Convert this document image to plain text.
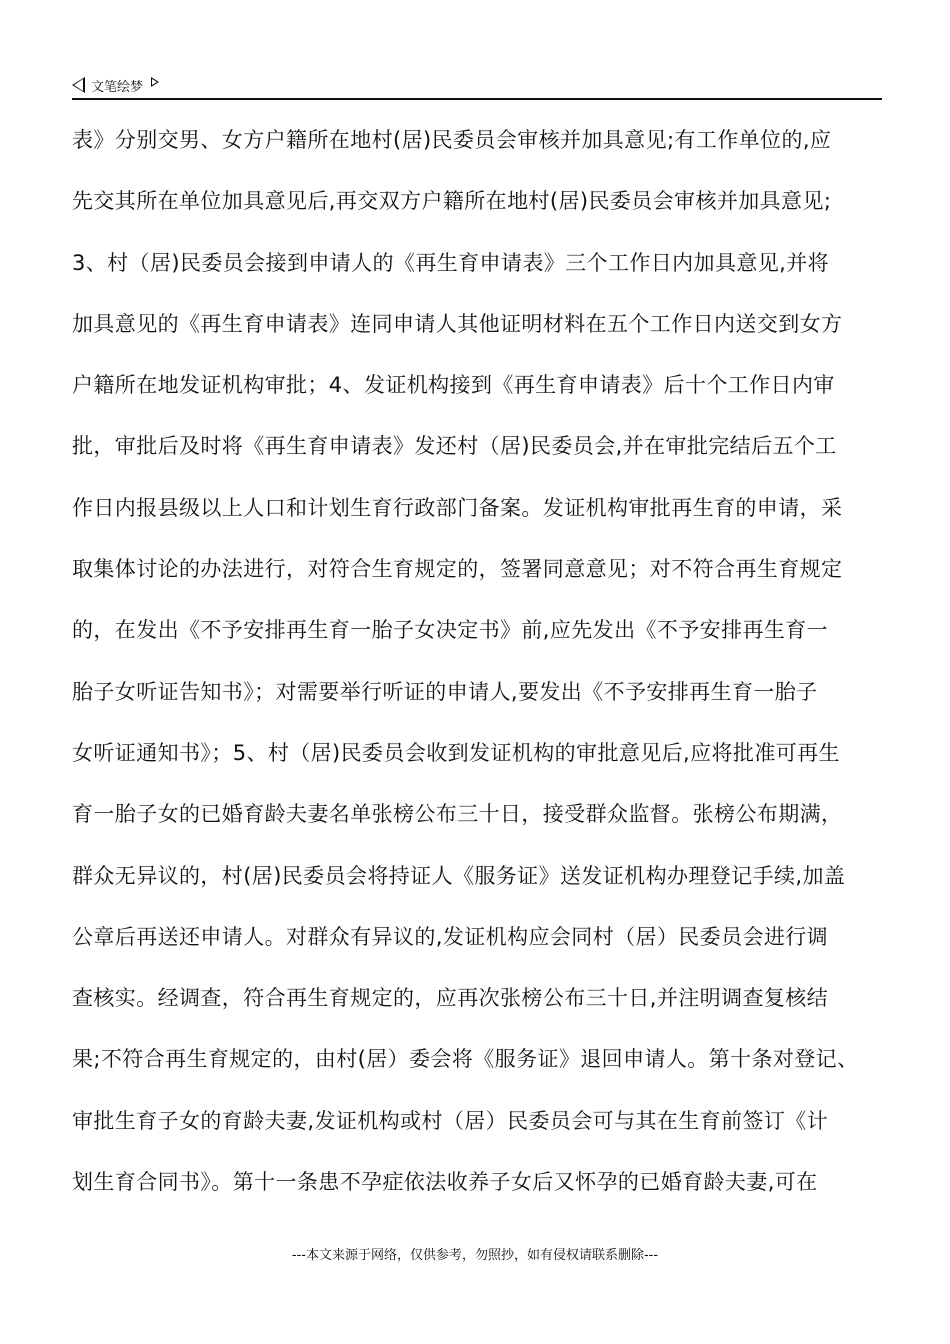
文笔绘梦
表》分别交男、女方户籍所在地村(居)民委员会审核并加具意见;有工作单位的,应
先交其所在单位加具意见后,再交双方户籍所在地村(居)民委员会审核并加具意见;
3、村（居)民委员会接到申请人的《再生育申请表》三个工作日内加具意见,并将
加具意见的《再生育申请表》连同申请人其他证明材料在五个工作日内送交到女方
户籍所在地发证机构审批；4、发证机构接到《再生育申请表》后十个工作日内审
批，审批后及时将《再生育申请表》发还村（居)民委员会,并在审批完结后五个工
作日内报县级以上人口和计划生育行政部门备案。发证机构审批再生育的申请，采
取集体讨论的办法进行，对符合生育规定的，签署同意意见；对不符合再生育规定
的，在发出《不予安排再生育一胎子女决定书》前,应先发出《不予安排再生育一
胎子女听证告知书》；对需要举行听证的申请人,要发出《不予安排再生育一胎子
女听证通知书》；5、村（居)民委员会收到发证机构的审批意见后,应将批准可再生
育一胎子女的已婚育龄夫妻名单张榜公布三十日，接受群众监督。张榜公布期满，
群众无异议的，村(居)民委员会将持证人《服务证》送发证机构办理登记手续,加盖
公章后再送还申请人。对群众有异议的,发证机构应会同村（居）民委员会进行调
查核实。经调查，符合再生育规定的，应再次张榜公布三十日,并注明调查复核结
果;不符合再生育规定的，由村(居）委会将《服务证》退回申请人。第十条对登记、
审批生育子女的育龄夫妻,发证机构或村（居）民委员会可与其在生育前签订《计
划生育合同书》。第十一条患不孕症依法收养子女后又怀孕的已婚育龄夫妻,可在
---本文来源于网络，仅供参考，勿照抄，如有侵权请联系删除---
